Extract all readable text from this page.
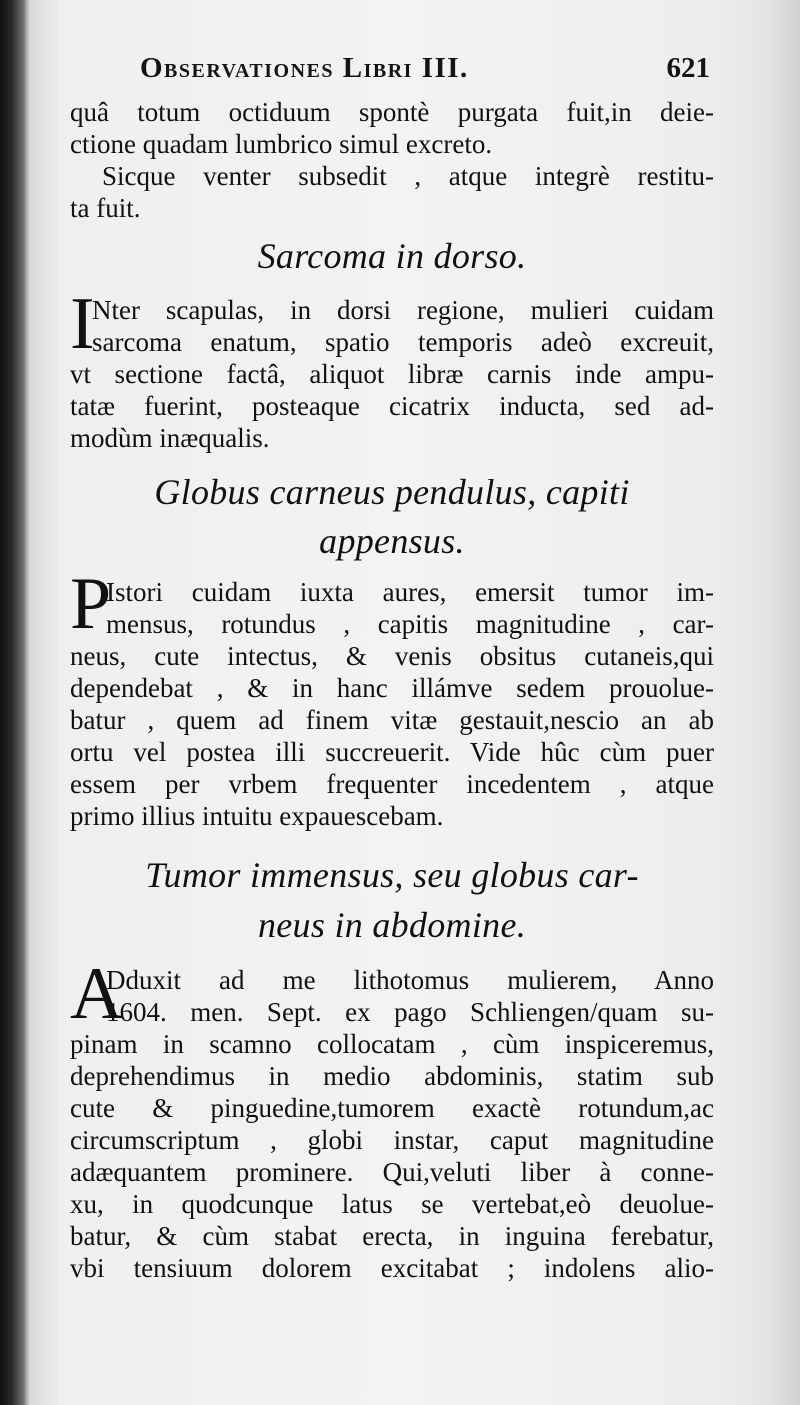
Observationes Libri III.	621
quâ totum octiduum spontè purgata fuit,in deie-
ctione quadam lumbrico simul excreto.
Sicque venter subsedit , atque integrè restitu-
ta fuit.
Sarcoma in dorso.
I
Nter scapulas, in dorsi regione, mulieri cuidam
sarcoma enatum, spatio temporis adeò excreuit,
vt sectione factâ, aliquot libræ carnis inde ampu-
tatæ fuerint, posteaque cicatrix inducta, sed ad-
modùm inæqualis.
Globus carneus pendulus, capiti
appensus.
P
Istori cuidam iuxta aures, emersit tumor im-
mensus, rotundus , capitis magnitudine , car-
neus, cute intectus, & venis obsitus cutaneis,qui
dependebat , & in hanc illámve sedem prouolue-
batur , quem ad finem vitæ gestauit,nescio an ab
ortu vel postea illi succreuerit. Vide hûc cùm puer
essem per vrbem frequenter incedentem , atque
primo illius intuitu expauescebam.
Tumor immensus, seu globus car-
neus in abdomine.
A
Dduxit ad me lithotomus mulierem, Anno
1604. men. Sept. ex pago Schliengen/quam su-
pinam in scamno collocatam , cùm inspiceremus,
deprehendimus in medio abdominis, statim sub
cute & pinguedine,tumorem exactè rotundum,ac
circumscriptum , globi instar, caput magnitudine
adæquantem prominere. Qui,veluti liber à conne-
xu, in quodcunque latus se vertebat,eò deuolue-
batur, & cùm stabat erecta, in inguina ferebatur,
vbi tensiuum dolorem excitabat ; indolens alio-
